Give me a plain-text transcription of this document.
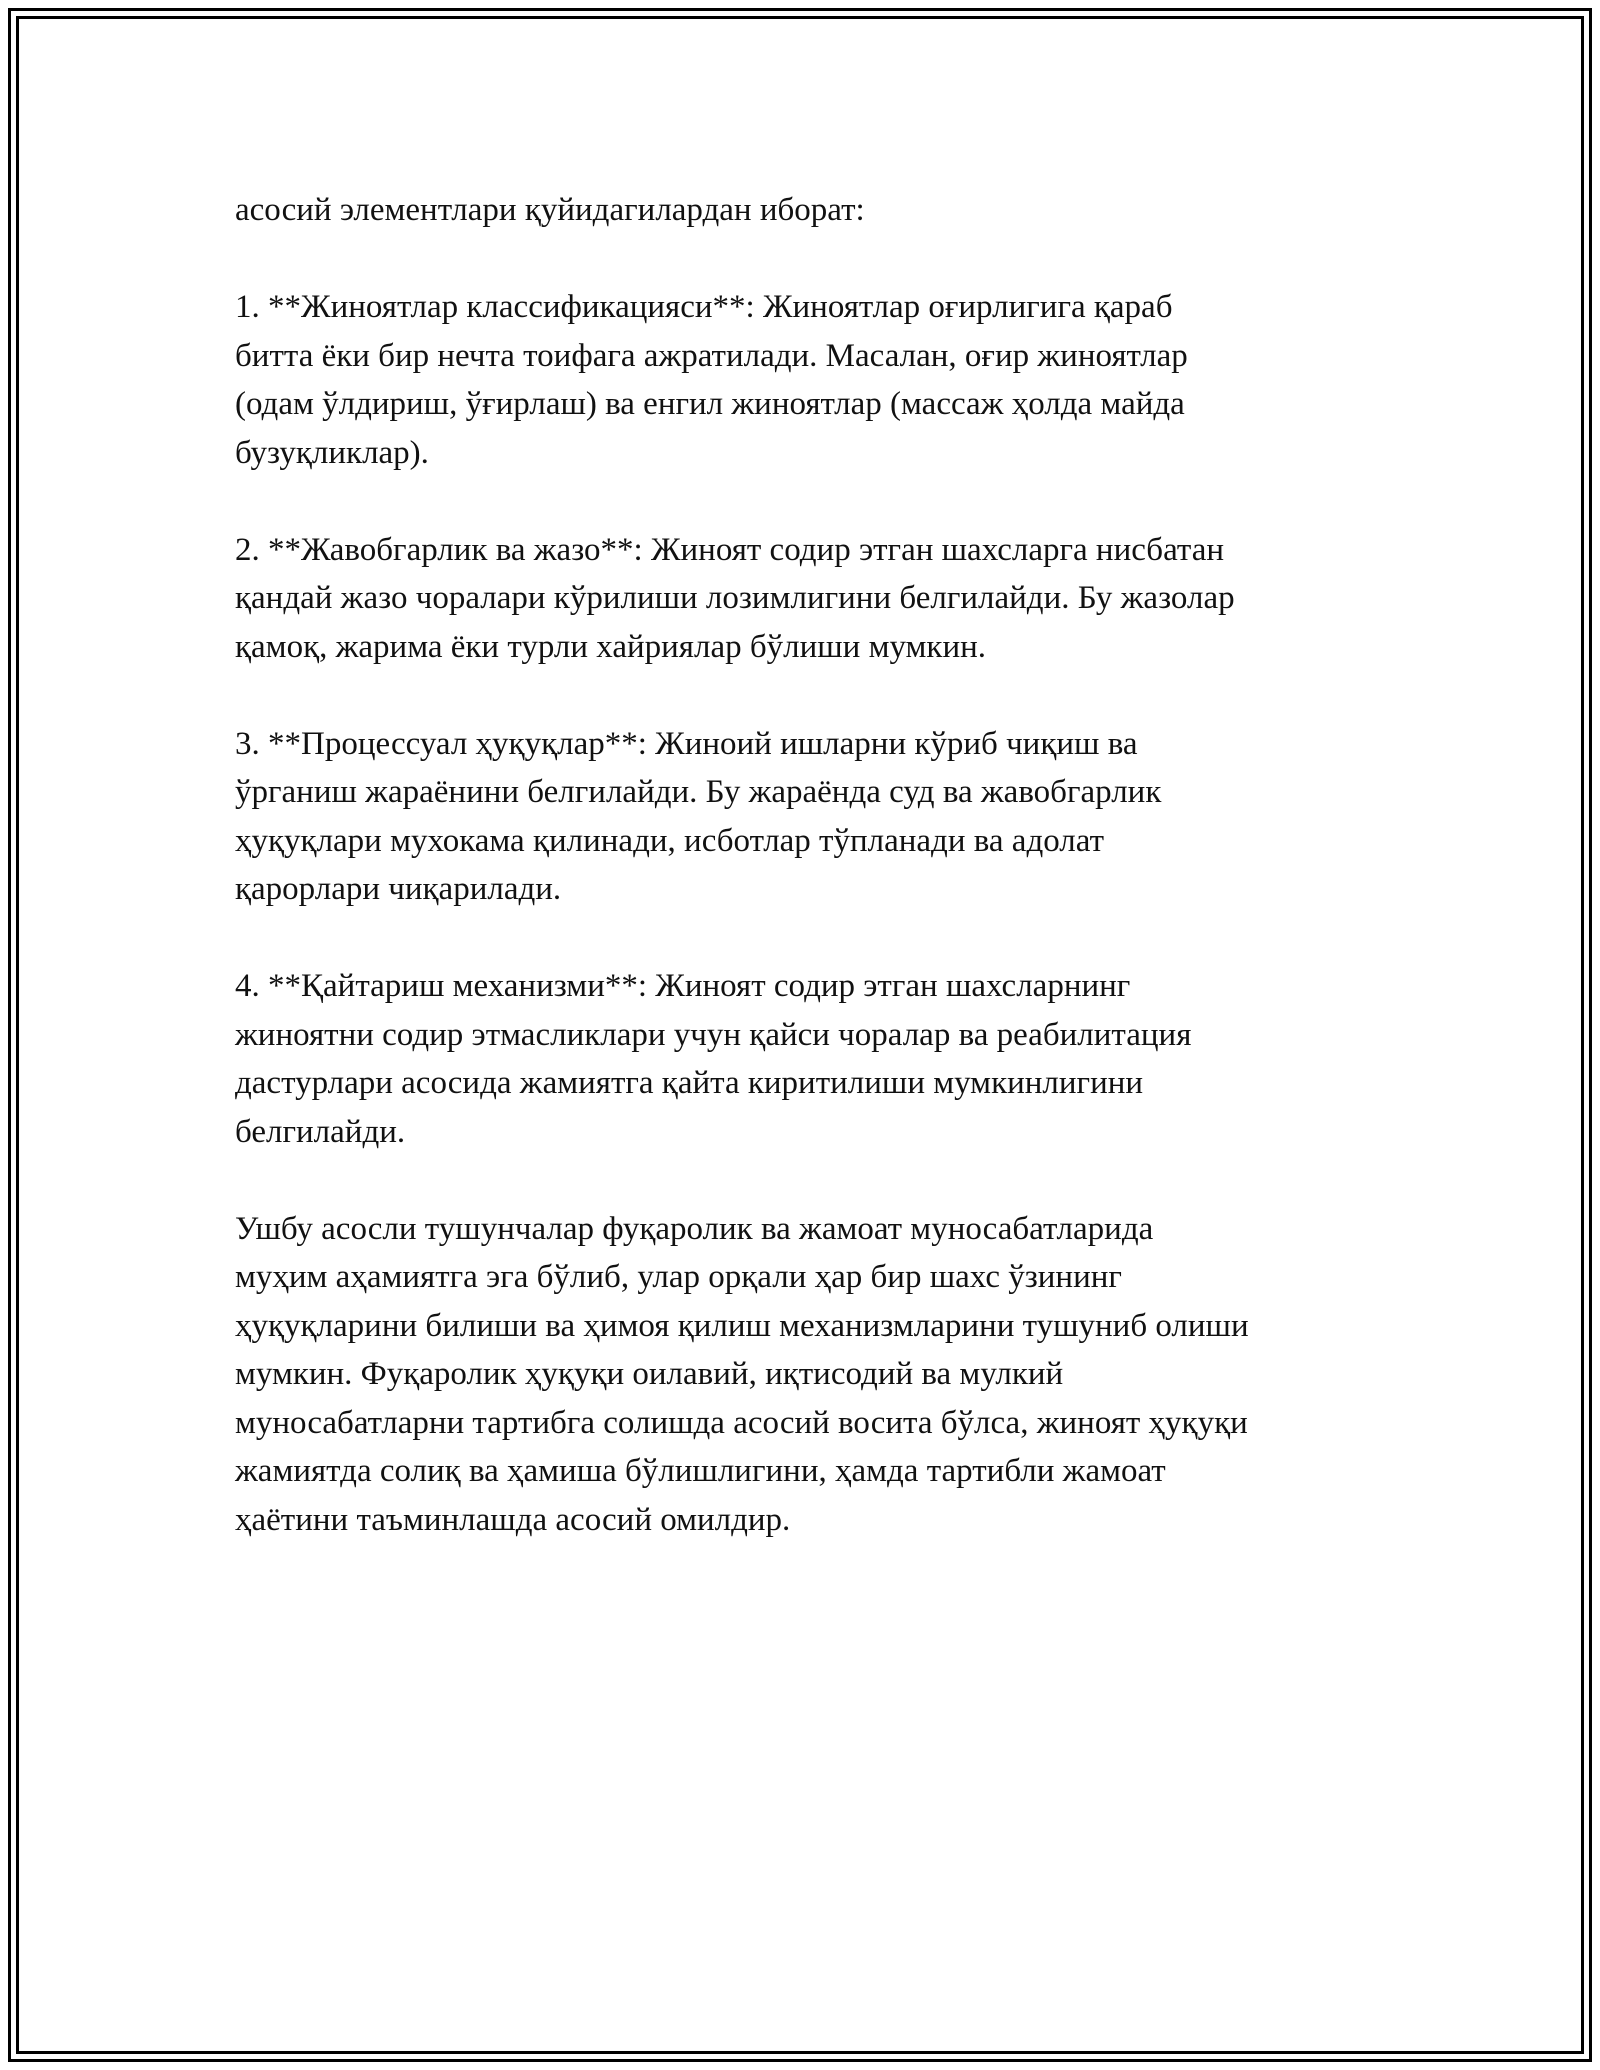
асосий элементлари қуйидагилардан иборат:

1. **Жиноятлар классификацияси**: Жиноятлар оғирлигига қараб
битта ёки бир нечта тоифага ажратилади. Масалан, оғир жиноятлар
(одам ўлдириш, ўғирлаш) ва енгил жиноятлар (массаж ҳолда майда
бузуқликлар).

2. **Жавобгарлик ва жазо**: Жиноят содир этган шахсларга нисбатан
қандай жазо чоралари кўрилиши лозимлигини белгилайди. Бу жазолар
қамоқ, жарима ёки турли хайриялар бўлиши мумкин.

3. **Процессуал ҳуқуқлар**: Жиноий ишларни кўриб чиқиш ва
ўрганиш жараёнини белгилайди. Бу жараёнда суд ва жавобгарлик
ҳуқуқлари мухокама қилинади, исботлар тўпланади ва адолат
қарорлари чиқарилади.

4. **Қайтариш механизми**: Жиноят содир этган шахсларнинг
жиноятни содир этмасликлари учун қайси чоралар ва реабилитация
дастурлари асосида жамиятга қайта киритилиши мумкинлигини
белгилайди.

Ушбу асосли тушунчалар фуқаролик ва жамоат муносабатларида
муҳим аҳамиятга эга бўлиб, улар орқали ҳар бир шахс ўзининг
ҳуқуқларини билиши ва ҳимоя қилиш механизмларини тушуниб олиши
мумкин. Фуқаролик ҳуқуқи оилавий, иқтисодий ва мулкий
муносабатларни тартибга солишда асосий восита бўлса, жиноят ҳуқуқи
жамиятда солиқ ва ҳамиша бўлишлигини, ҳамда тартибли жамоат
ҳаётини таъминлашда асосий омилдир.
